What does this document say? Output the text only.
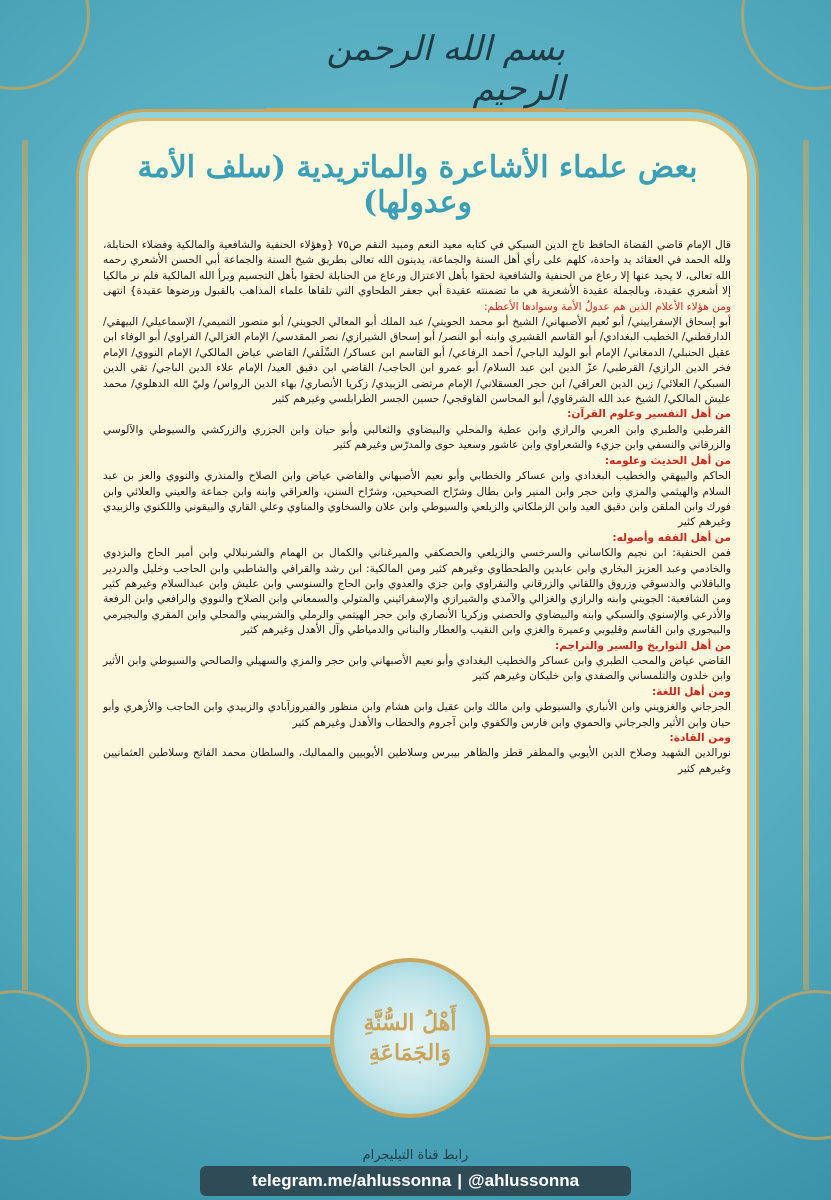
بسم الله الرحمن الرحيم
بعض علماء الأشاعرة والماتريدية (سلف الأمة وعدولها)

قال الإمام قاضي القضاة الحافظ تاج الدين السبكي في كتابه معيد النعم ومبيد النقم ص٧٥ {وهؤلاء الحنفية والشافعية والمالكية وفضلاء الحنابلة، ولله الحمد في العقائد يد واحدة، كلهم على رأي أهل السنة والجماعة، يدينون الله تعالى بطريق شيخ السنة والجماعة أبي الحسن الأشعري رحمه الله تعالى، لا يحيد عنها إلا رعاع من الحنفية والشافعية لحقوا بأهل الاعتزال ورعاع من الحنابلة لحقوا بأهل التجسيم وبرأ الله المالكية فلم نر مالكيا إلا أشعري عقيدة، وبالجملة عقيدة الأشعرية هي ما تضمنته عقيدة أبي جعفر الطحاوي التي تلقاها علماء المذاهب بالقبول ورضوها عقيدة} انتهى ومن هؤلاء الأعلام الذين هم عدولُ الأمة وسوادها الأعظم:

أبو إسحاق الإسفراييني/ أبو نُعيم الأصبهاني/ الشيخ أبو محمد الجويني/ عبد الملك أبو المعالي الجويني/ أبو منصور التميمي/ الإسماعيلي/ البيهقي/ الدارقطني/ الخطيب البغدادي/ أبو القاسم القشيري وابنه أبو النصر/ أبو إسحاق الشيرازي/ نصر المقدسي/ الإمام الغزالي/ الفراوي/ أبو الوفاء ابن عقيل الحنبلي/ الدمغاني/ الإمام أبو الوليد الباجي/ أحمد الرفاعي/ أبو القاسم ابن عساكر/ السِّلَفي/ القاضي عياض المالكي/ الإمام النووي/ الإمام فخر الدين الرازي/ القرطبي/ عزّ الدين ابن عبد السلام/ أبو عمرو ابن الحاجب/ القاضي ابن دقيق العيد/ الإمام علاء الدين الباجي/ تقي الدين السبكي/ العلائي/ زين الدين العراقي/ ابن حجر العسقلاني/ الإمام مرتضى الزبيدي/ زكريا الأنصاري/ بهاء الدين الرواس/ وليّ الله الدهلوي/ محمد عليش المالكي/ الشيخ عبد الله الشرقاوي/ أبو المحاسن القاوقجي/ حسين الجسر الطرابلسي وغيرهم كثير

من أهل التفسير وعلوم القرآن:

القرطبي والطبري وابن العربي والرازي وابن عطية والمحلي والبيضاوي والثعالبي وأبو حيان وابن الجزري والزركشي والسيوطي والآلوسي والزرقاني والنسفي وابن جزيء والشعراوي وابن عاشور وسعيد حوى والمدرّس وغيرهم كثير

من أهل الحديث وعلومه:

الحاكم والبيهقي والخطيب البغدادي وابن عساكر والخطابي وأبو نعيم الأصبهاني والقاضي عياض وابن الصلاح والمنذري والنووي والعز بن عبد السلام والهيثمي والمزي وابن حجر وابن المنير وابن بطال وشرّاح الصحيحين، وشرّاح السنن، والعراقي وابنه وابن جماعة والعيني والعلائي وابن فورك وابن الملقن وابن دقيق العيد وابن الزملكاني والزيلعي والسيوطي وابن علان والسخاوي والمناوي وعلي القاري والبيقوني واللكنوي والزبيدي وغيرهم كثير

من أهل الفقه وأصوله:

فمن الحنفية: ابن نجيم والكاساني والسرخسي والزيلعي والحصكفي والميرغناني والكمال بن الهمام والشرنبلالي وابن أمير الحاج والبزدوي والخادمي وعبد العزيز البخاري وابن عابدين والطحطاوي وغيرهم كثير ومن المالكية: ابن رشد والقرافي والشاطبي وابن الحاجب وخليل والدردير والباقلاني والدسوقي وزروق واللقاني والزرقاني والنفراوي وابن جزي والعدوي وابن الحاج والسنوسي وابن عليش وابن عبدالسلام وغيرهم كثير ومن الشافعية: الجويني وابنه والرازي والغزالي والآمدي والشيرازي والإسفرائيني والمتولي والسمعاني وابن الصلاح والنووي والرافعي وابن الرفعة والأذرعي والإسنوي والسبكي وابنه والبيضاوي والحصني وزكريا الأنصاري وابن حجر الهيتمي والرملي والشربيني والمحلي وابن المقري والبجيرمي والبيجوري وابن القاسم وقليوبي وعميرة والغزي وابن النقيب والعطار والبناني والدمياطي وآل الأهدل وغيرهم كثير

من أهل التواريخ والسير والتراجم:

القاضي عياض والمحب الطبري وابن عساكر والخطيب البغدادي وأبو نعيم الأصبهاني وابن حجر والمزي والسهيلي والصالحي والسيوطي وابن الأثير وابن خلدون والتلمساني والصفدي وابن خليكان وغيرهم كثير

ومن أهل اللغة:

الجرجاني والغزويني وابن الأنباري والسيوطي وابن مالك وابن عقيل وابن هشام وابن منظور والفيروزآبادي والزبيدي وابن الحاجب والأزهري وأبو حيان وابن الأثير والجرجاني والحموي وابن فارس والكفوي وابن آجروم والحطاب والأهدل وغيرهم كثير

ومن القادة:

نورالدين الشهيد وصلاح الدين الأيوبي والمظفر قطز والظاهر بيبرس وسلاطين الأيوبيين والمماليك، والسلطان محمد الفاتح وسلاطين العثمانيين وغيرهم كثير

أَهْلُ السُّنَّةِ
وَالجَمَاعَةِ
رابط قناة التيليجرام
telegram.me/ahlussonna | @ahlussonna
